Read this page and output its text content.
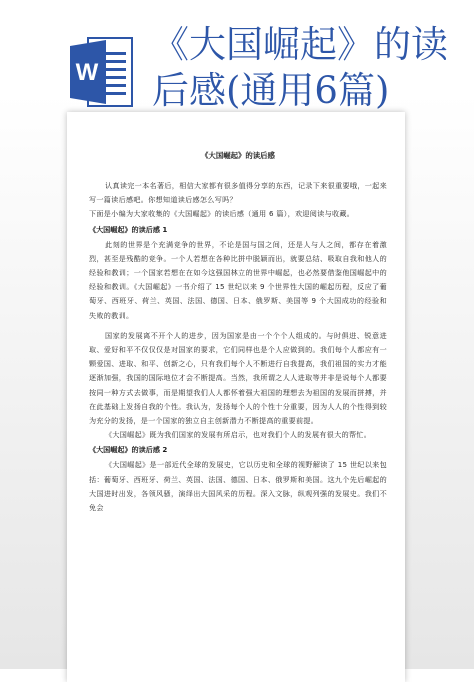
W
《大国崛起》的读
后感(通用6篇)

《大国崛起》的读后感

认真读完一本名著后，相信大家都有很多值得分享的东西，记录下来很重要哦，一起来写一篇读后感吧。你想知道读后感怎么写吗？

下面是小编为大家收集的《大国崛起》的读后感（通用 6 篇），欢迎阅读与收藏。

《大国崛起》的读后感 1

此刻的世界是个充满竞争的世界，不论是国与国之间，还是人与人之间，都存在着激烈，甚至是残酷的竞争。一个人若想在各种比拼中脱颖而出，就要总结、吸取自我和他人的经验和教训；一个国家若想在在如今这强国林立的世界中崛起，也必然要借鉴他国崛起中的经验和教训。《大国崛起》一书介绍了 15 世纪以来 9 个世界性大国的崛起历程，反应了葡萄牙、西班牙、荷兰、英国、法国、德国、日本、俄罗斯、美国等 9 个大国成功的经验和失败的教训。

国家的发展离不开个人的进步，因为国家是由一个个个人组成的。与时俱进、锐意进取、爱好和平不仅仅仅是对国家的要求，它们同样也是个人应做到的。我们每个人都应有一颗爱国、进取、和平、创新之心，只有我们每个人不断进行自我提高，我们祖国的实力才能逐渐加强，我国的国际地位才会不断提高。当然，我所谓之人人进取等并非是说每个人都要按同一种方式去做事，而是期望我们人人都怀着强大祖国的理想去为祖国的发展而拼搏，并在此基础上发扬自我的个性。我认为，发扬每个人的个性十分重要，因为人人的个性得到较为充分的发扬，是一个国家的独立自主创新潜力不断提高的重要前提。

《大国崛起》既为我们国家的发展有所启示，也对我们个人的发展有很大的帮忙。

《大国崛起》的读后感 2

《大国崛起》是一部近代全球的发展史，它以历史和全球的视野解读了 15 世纪以来包括：葡萄牙、西班牙、荷兰、英国、法国、德国、日本、俄罗斯和美国。这九个先后崛起的大国进时出发，各领风骚，演绎出大国风采的历程。深入文脉，纵观列强的发展史。我们不免会
